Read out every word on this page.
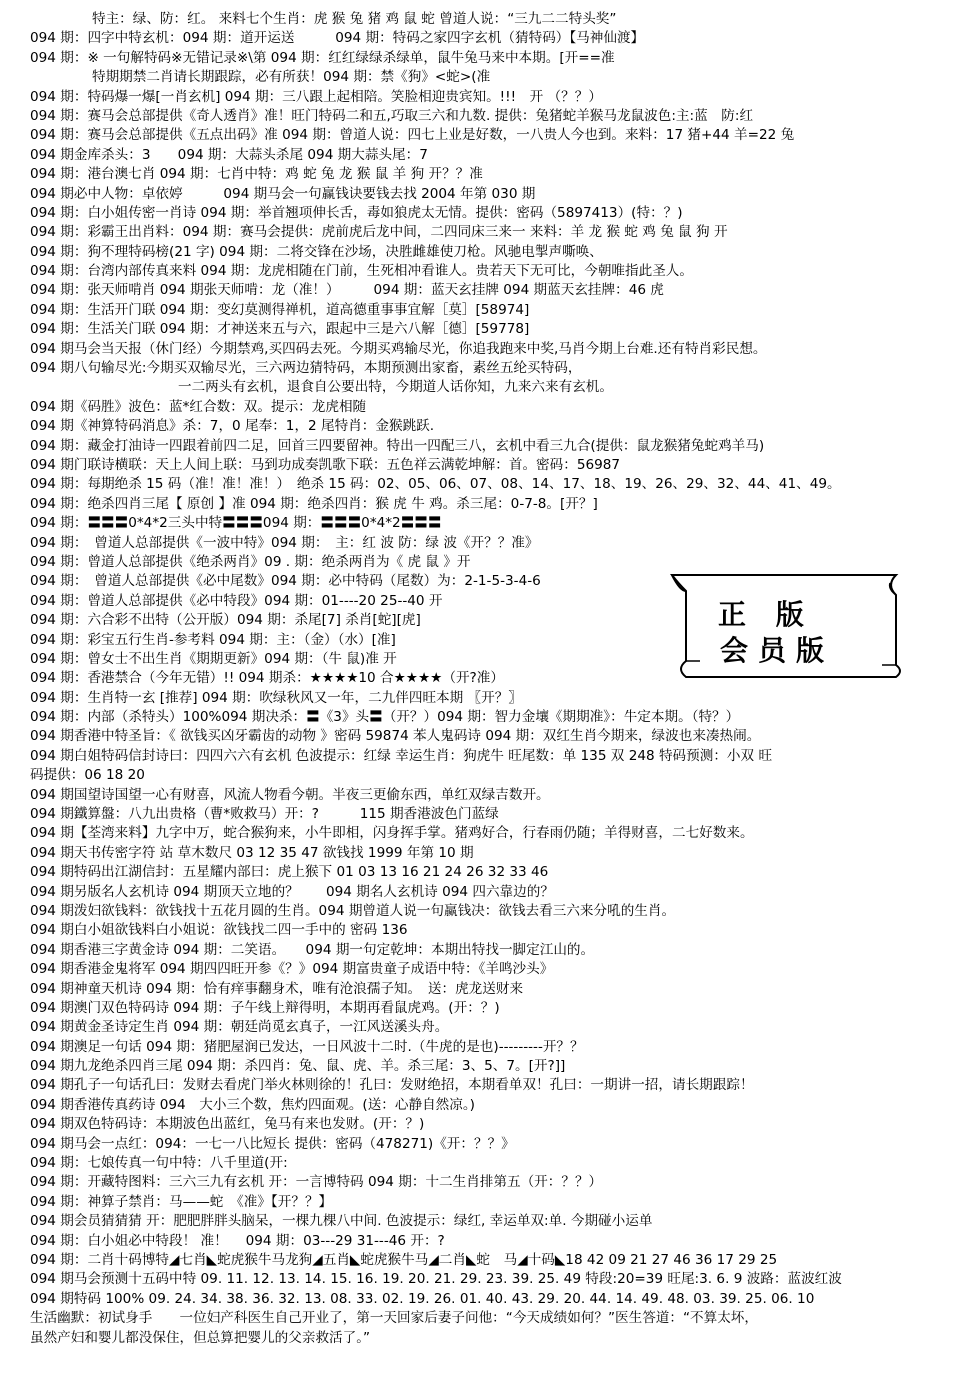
特主：绿、防：红。 来料七个生肖：虎 猴 兔 猪 鸡 鼠 蛇 曾道人说：“三九二二特头奖”
094 期：四字中特玄机：094 期：道开运送　　　094 期：特码之家四字玄机（猜特码）【马神仙渡】
094 期：※ 一句解特码※无错记录※\第 094 期：红红绿绿杀绿单，鼠牛兔马来中本期。[开==准
特期期禁二肖请长期跟踪，必有所获！094 期：禁《狗》<蛇>(准
094 期：特码爆一爆[一肖玄机] 094 期：三八跟上起相陪。笑脸相迎贵宾知。!!!　开 （？？）
094 期：赛马会总部提供《奇人透肖》准！旺门特码二和五,巧取三六和九数. 提供：兔猪蛇羊猴马龙鼠波色:主:蓝　防:红
094 期：赛马会总部提供《五点出码》准 094 期：曾道人说：四七上业是好数，一八贵人今也到。来料：17 猪+44 羊=22 兔
094 期金库杀头：3　　094 期：大蒜头杀尾 094 期大蒜头尾：7
094 期：港台澳七肖 094 期：七肖中特：鸡 蛇 兔 龙 猴 鼠 羊 狗 开？？准
094 期必中人物：卓依婷　　　094 期马会一句赢钱诀要钱去找 2004 年第 030 期
094 期：白小姐传密一肖诗 094 期：举首翘项伸长舌，毒如狼虎太无情。提供：密码（5897413）(特：？)
094 期：彩霸王出肖料：094 期：赛马会提供：虎前虎后龙中间，二四同床三来一 来料：羊 龙 猴 蛇 鸡 兔 鼠 狗 开
094 期：狗不理特码榜(21 字) 094 期：二将交锋在沙场，决胜雌雄使刀枪。风驰电掣声嘶唤、
094 期：台湾内部传真来料 094 期：龙虎相随在门前，生死相冲看谁人。贵若天下无可比，今朝唯指此圣人。
094 期：张天师啃肖 094 期张天师啃：龙（准！）　　　094 期：蓝天玄挂牌 094 期蓝天玄挂牌：46 虎
094 期：生活开门联 094 期：变幻莫测得禅机，道高德重事事宜解［莫］[58974]
094 期：生活关门联 094 期：才神送来五与六，跟起中三是六八解［德］[59778]
094 期马会当天报（休门经）今期禁鸡,买四码去死。今期买鸡输尽光，你追我跑来中奖,马肖今期上台难.还有特肖彩民想。
094 期八句输尽光:今期买双输尽光，三六两边猜特码，本期预测出家畜，素丝五纶买特码，
一二两头有玄机，退食自公要出特，今期道人话你知，九来六来有玄机。
094 期《码胜》波色：蓝*红合数：双。提示：龙虎相随
094 期《神算特码消息》杀：7，0 尾奉：1，2 尾特肖：金猴跳跃.
094 期：藏金打油诗一四跟着前四二足，回首三四要留神。特出一四配三八，玄机中看三九合(提供：鼠龙猴猪兔蛇鸡羊马)
094 期门联诗横联：天上人间上联：马到功成奏凯歌下联：五色祥云满乾坤解：首。密码：56987
094 期：每期绝杀 15 码（准！准！准！）　绝杀 15 码：02、05、06、07、08、14、17、18、19、26、29、32、44、41、49。
094 期：绝杀四肖三尾【 原创 】准 094 期：绝杀四肖：猴 虎 牛 鸡。杀三尾：0-7-8。[开？]
094 期：〓〓〓0*4*2三头中特〓〓〓094 期：〓〓〓0*4*2〓〓〓
094 期：　曾道人总部提供《一波中特》094 期：　主：红 波 防：绿 波《开？？准》
094 期：曾道人总部提供《绝杀两肖》09 . 期：绝杀两肖为《 虎 鼠 》开
094 期：　曾道人总部提供《必中尾数》094 期：必中特码（尾数）为：2-1-5-3-4-6
094 期：曾道人总部提供《必中特段》094 期：01----20 25--40 开
094 期：六合彩不出特（公开版）094 期：杀尾[7] 杀肖[蛇][虎]
094 期：彩宝五行生肖-参考料 094 期：主：（金）（水）[准]
094 期：曾女士不出生肖《期期更新》094 期：（牛 鼠)准 开
094 期：香港禁合（今年无错）!! 094 期杀：★★★★10 合★★★★（开?准）
094 期：生肖特一玄 [推荐] 094 期：吹绿秋风又一年，二九伴四旺本期 〖开？〗
094 期：内部（杀特头）100%094 期决杀：〓《3》头〓（开？）094 期：智力金壤《期期准》：牛定本期。（特？）
094 期香港中特圣旨：《 欲钱买凶牙霸齿的动物 》密码 59874 苯人鬼码诗 094 期：双红生肖今期来，绿波也来凑热闹。
094 期白姐特码信封诗曰：四四六六有玄机 色波提示：红绿 幸运生肖：狗虎牛 旺尾数：单 135 双 248 特码预测：小双 旺
码提供：06 18 20
094 期国望诗国望一心有财喜，风流人物看今朝。半夜三更偷东西，单红双绿吉数开。
094 期鐵算盤：八九出贵格（曹*败救马）开：?　　　115 期香港波色门蓝绿
094 期【荃湾来料】九字中万，蛇合猴狗来，小牛即相，闪身挥手掌。猪鸡好合，行春雨仍随；羊得财喜，二七好数来。
094 期天书传密字符 站 草木数尺 03 12 35 47 欲钱找 1999 年第 10 期
094 期特码出江湖信封：五星耀内部曰：虎上猴下 01 03 13 16 21 24 26 32 33 46
094 期另版名人玄机诗 094 期顶天立地的？　　094 期名人玄机诗 094 四六靠边的？
094 期泼妇欲钱料：欲钱找十五花月圆的生肖。094 期曾道人说一句赢钱决：欲钱去看三六来分吼的生肖。
094 期白小姐欲钱料白小姐说：欲钱找二四一手中的 密码 136
094 期香港三字黄金诗 094 期：二笑语。　　094 期一句定乾坤：本期出特找一脚定江山的。
094 期香港金鬼将军 094 期四四旺开参《？》094 期富贵童子成语中特：《羊鸣沙头》
094 期神童天机诗 094 期：恰有痒事翻身术，唯有沧浪孺子知。　送：虎龙送财来
094 期澳门双色特码诗 094 期：子午线上辩得明，本期再看鼠虎鸡。(开：？)
094 期黄金圣诗定生肖 094 期：朝廷尚觅玄真子，一江风送溪头舟。
094 期澳足一句话 094 期：猪肥屋润已发达，一日风波十二时.（牛虎的是也)---------开？？
094 期九龙绝杀四肖三尾 094 期：杀四肖：兔、鼠、虎、羊。杀三尾：3、5、7。[开?]]
094 期孔子一句话孔曰：发财去看虎门举火林则徐的！孔曰：发财绝招，本期看单双！孔曰：一期讲一招，请长期跟踪！
094 期香港传真药诗 094　大小三个数，焦灼四面观。(送：心静自然凉。)
094 期双色特码诗：本期波色出蓝红，兔马有来也发财。(开：？)
094 期马会一点红：094：一七一八比短长 提供：密码（478271)《开：？？》
094 期：七娘传真一句中特：八千里道(开:
094 期：开藏特图料：三六三九有玄机 开：一言博特码 094 期：十二生肖排第五（开：？？）
094 期：神算子禁肖：马——蛇　《准》【开？？】
094 期会员猜猜猜 开：肥肥胖胖头脑呆，一棵九棵八中间. 色波提示：绿红, 幸运单双:单. 今期碰小运单
094 期：白小姐必中特段！ 准！　 094 期：03---29 31---46 开：?
094 期：二肖十码博特◢七肖◣蛇虎猴牛马龙狗◢五肖◣蛇虎猴牛马◢二肖◣蛇　马◢十码◣18 42 09 21 27 46 36 17 29 25
094 期马会预测十五码中特 09. 11. 12. 13. 14. 15. 16. 19. 20. 21. 29. 23. 39. 25. 49 特段:20=39 旺尾:3. 6. 9 波路：蓝波红波
094 期特码 100% 09. 24. 34. 38. 36. 32. 13. 08. 33. 02. 19. 26. 01. 40. 43. 29. 20. 44. 14. 49. 48. 03. 39. 25. 06. 10
生活幽默：初试身手　　一位妇产科医生自己开业了，第一天回家后妻子问他：“今天成绩如何？”医生答道：“不算太坏，
虽然产妇和婴儿都没保住，但总算把婴儿的父亲救活了。”
正 版
会员版
